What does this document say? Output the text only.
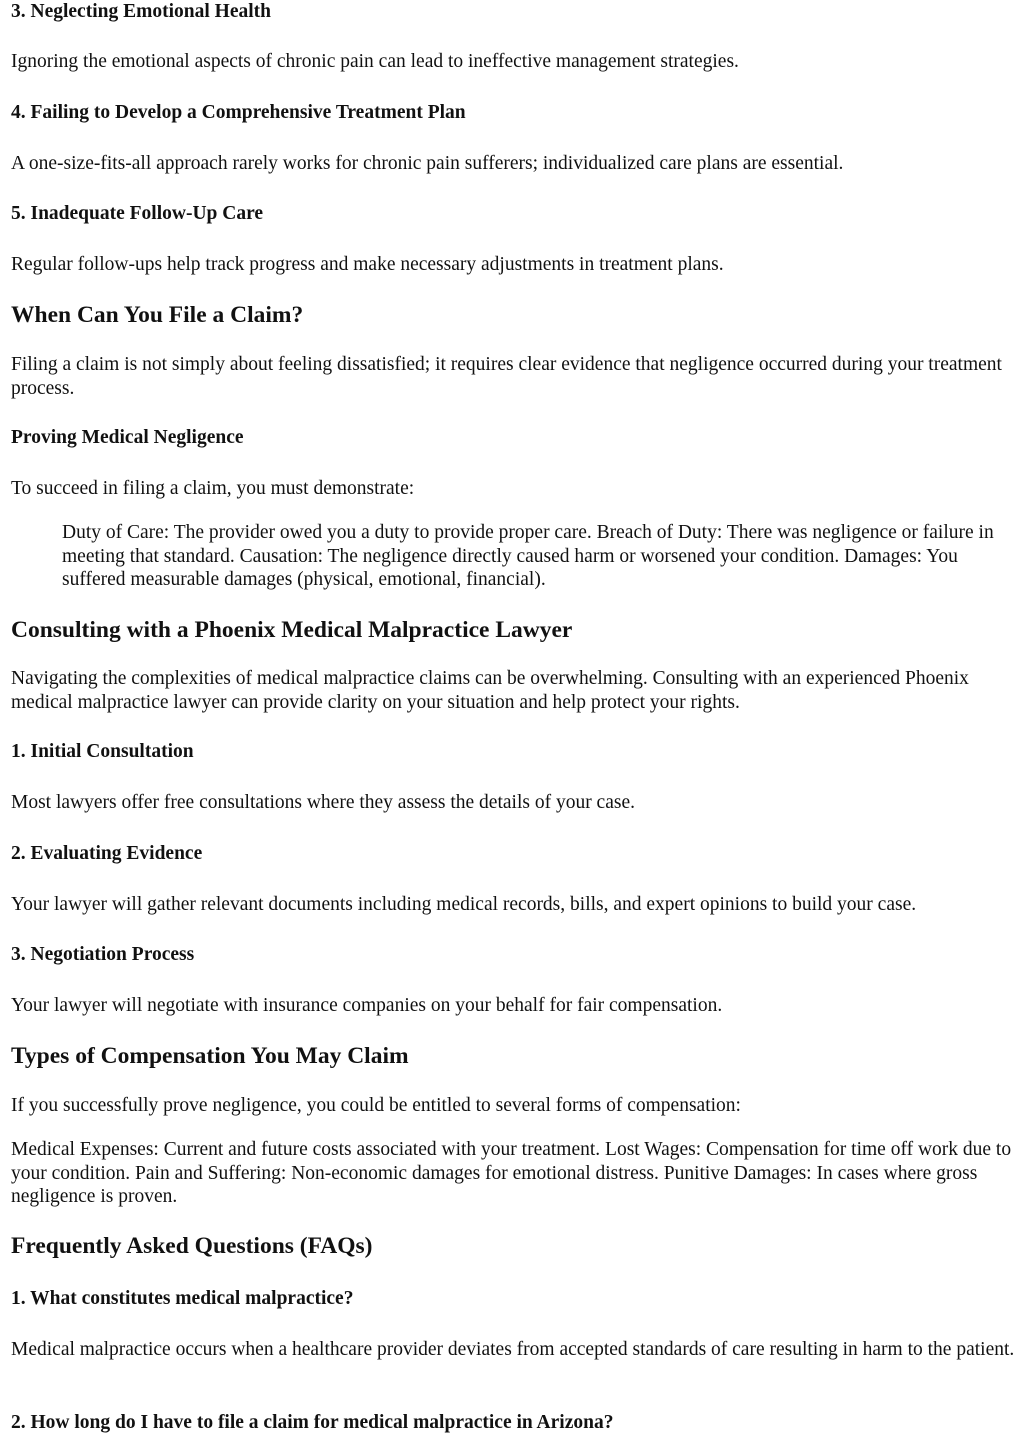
3. Neglecting Emotional Health
Ignoring the emotional aspects of chronic pain can lead to ineffective management strategies.
4. Failing to Develop a Comprehensive Treatment Plan
A one-size-fits-all approach rarely works for chronic pain sufferers; individualized care plans are essential.
5. Inadequate Follow-Up Care
Regular follow-ups help track progress and make necessary adjustments in treatment plans.
When Can You File a Claim?
Filing a claim is not simply about feeling dissatisfied; it requires clear evidence that negligence occurred during your treatment process.
Proving Medical Negligence
To succeed in filing a claim, you must demonstrate:
Duty of Care: The provider owed you a duty to provide proper care. Breach of Duty: There was negligence or failure in meeting that standard. Causation: The negligence directly caused harm or worsened your condition. Damages: You suffered measurable damages (physical, emotional, financial).
Consulting with a Phoenix Medical Malpractice Lawyer
Navigating the complexities of medical malpractice claims can be overwhelming. Consulting with an experienced Phoenix medical malpractice lawyer can provide clarity on your situation and help protect your rights.
1. Initial Consultation
Most lawyers offer free consultations where they assess the details of your case.
2. Evaluating Evidence
Your lawyer will gather relevant documents including medical records, bills, and expert opinions to build your case.
3. Negotiation Process
Your lawyer will negotiate with insurance companies on your behalf for fair compensation.
Types of Compensation You May Claim
If you successfully prove negligence, you could be entitled to several forms of compensation:
Medical Expenses: Current and future costs associated with your treatment. Lost Wages: Compensation for time off work due to your condition. Pain and Suffering: Non-economic damages for emotional distress. Punitive Damages: In cases where gross negligence is proven.
Frequently Asked Questions (FAQs)
1. What constitutes medical malpractice?
Medical malpractice occurs when a healthcare provider deviates from accepted standards of care resulting in harm to the patient.
2. How long do I have to file a claim for medical malpractice in Arizona?
